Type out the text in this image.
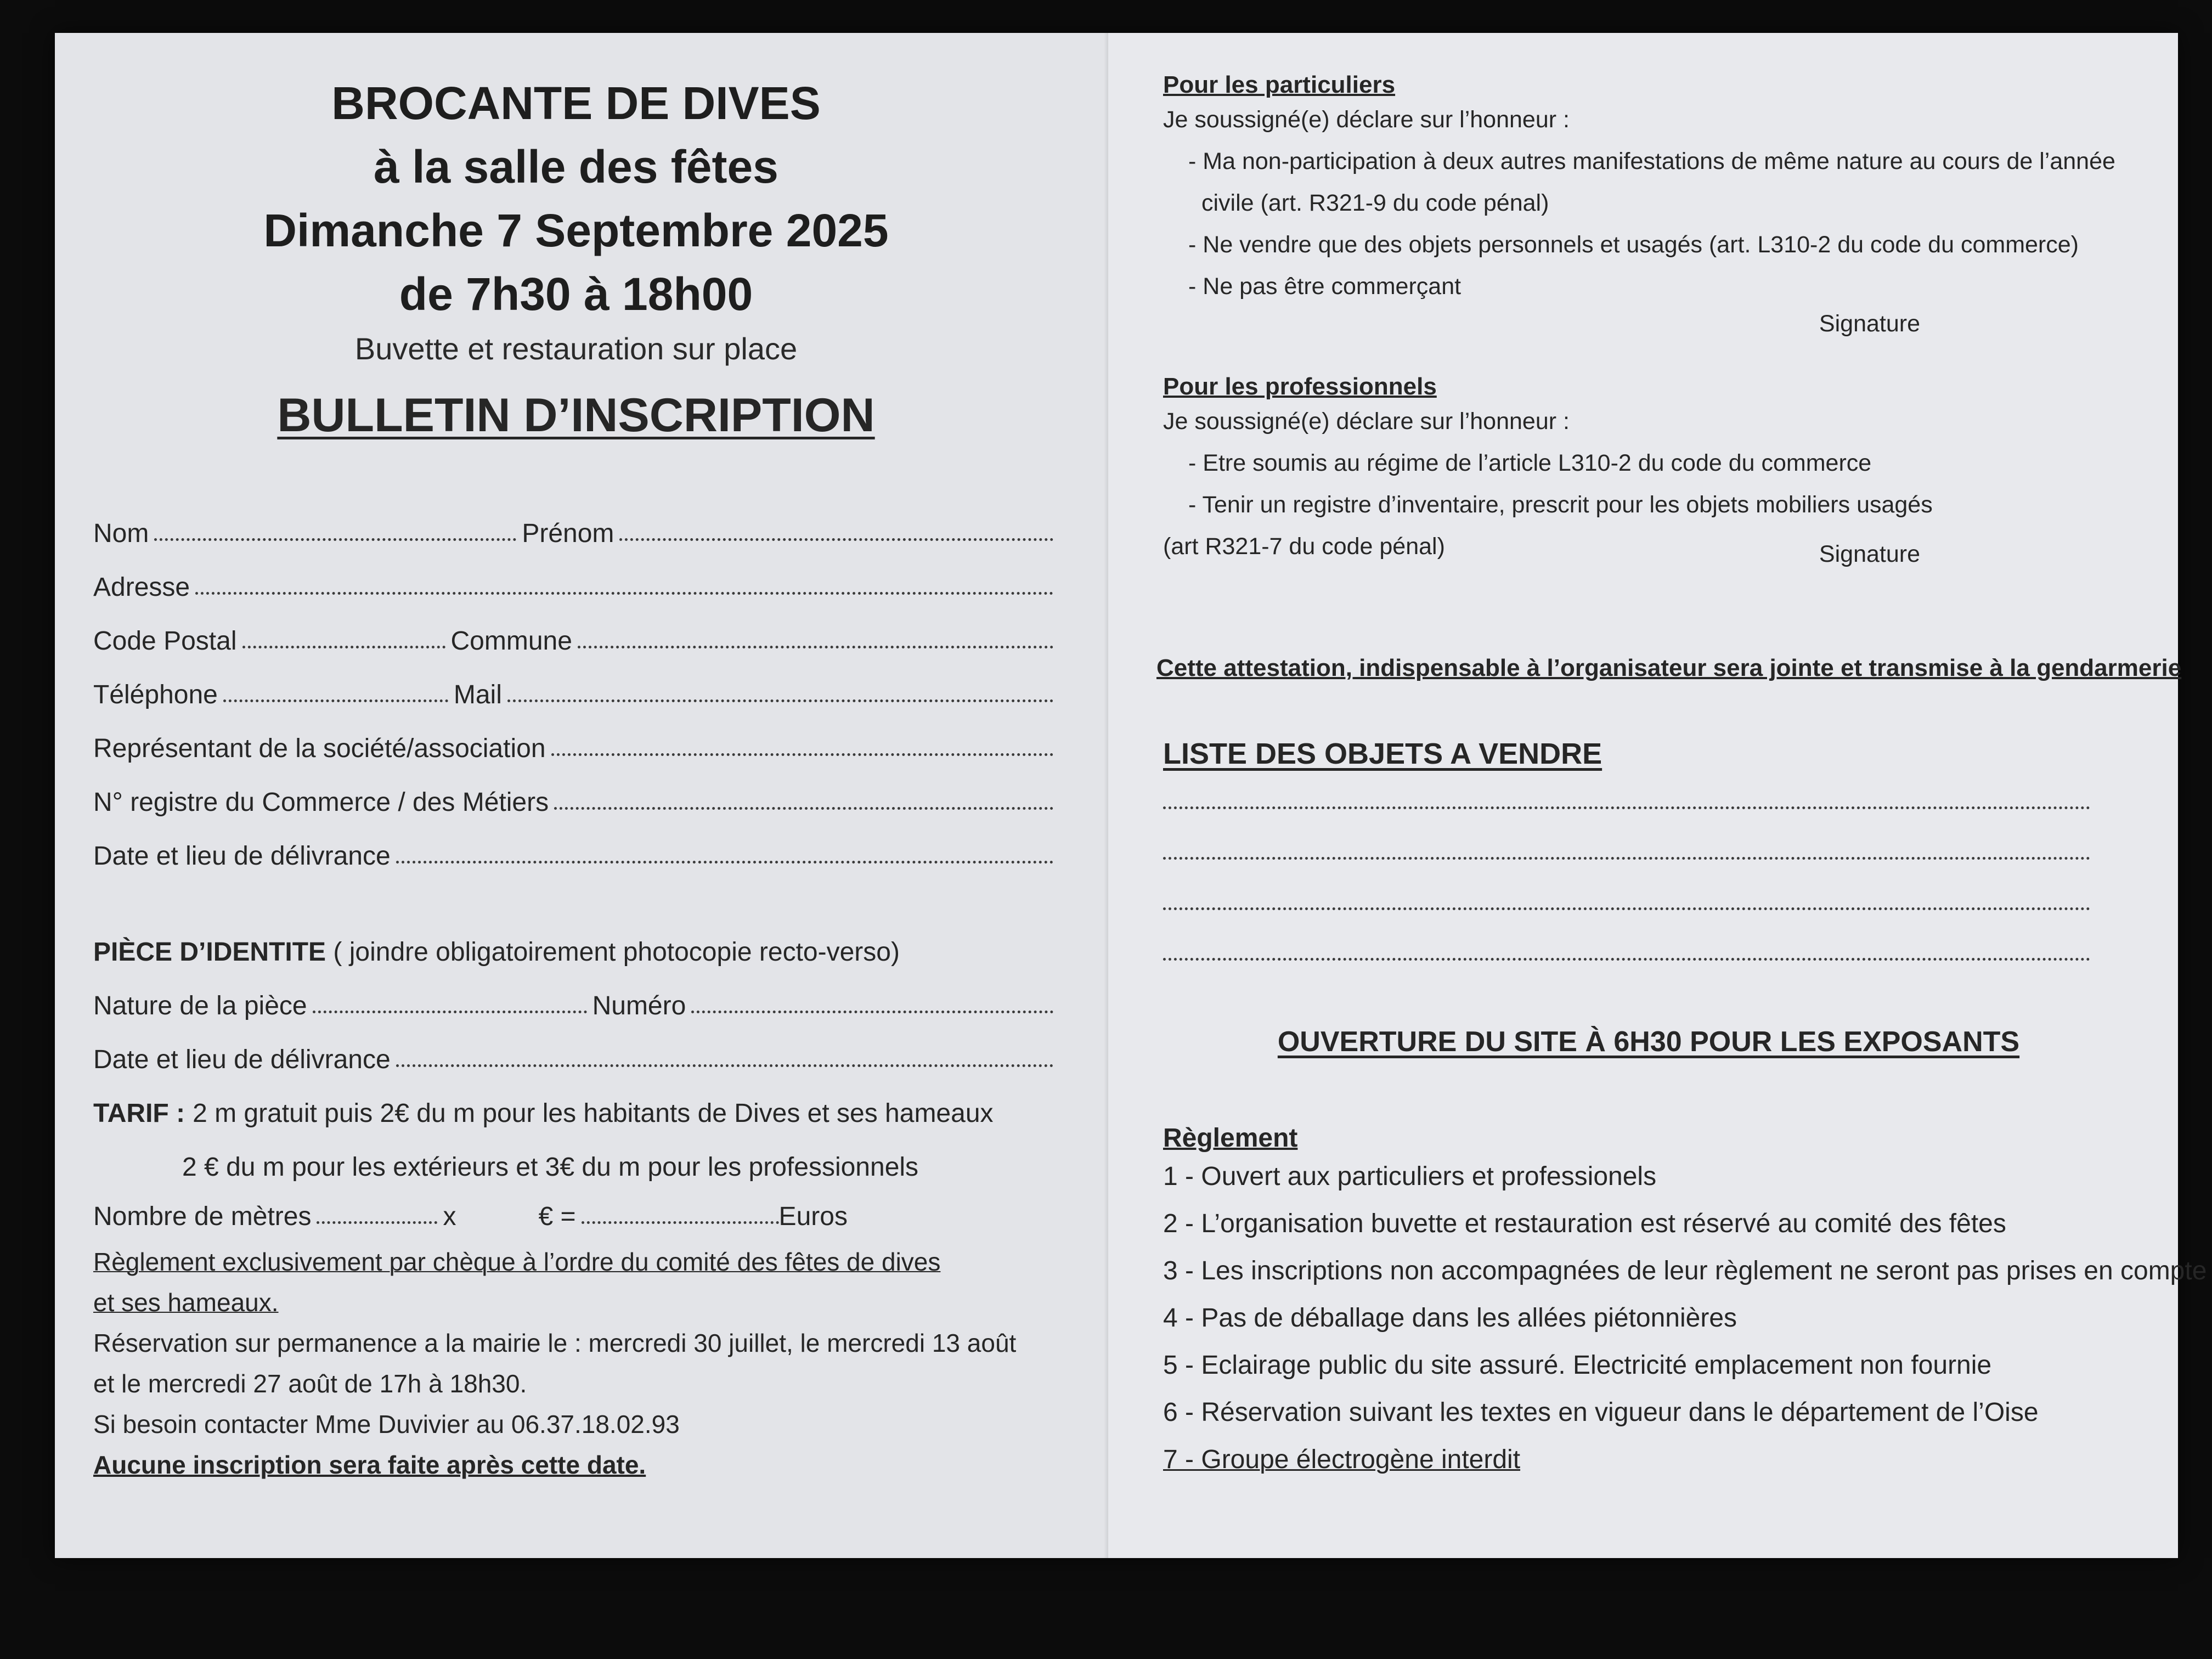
BROCANTE DE DIVES
à la salle des fêtes
Dimanche 7 Septembre 2025
de 7h30 à 18h00
Buvette et restauration sur place
BULLETIN D’INSCRIPTION
Nom	Prénom
Adresse
Code Postal	Commune
Téléphone	Mail
Représentant de la société/association
N° registre du Commerce / des Métiers
Date et lieu de délivrance
PIÈCE D’IDENTITE ( joindre obligatoirement photocopie recto-verso)
Nature de la pièce	Numéro
Date et lieu de délivrance
TARIF : 2 m gratuit puis 2€ du m pour les habitants de Dives et ses hameaux
2 € du m pour les extérieurs et 3€ du m pour les professionnels
Nombre de mètres	x	€ =	Euros
Règlement exclusivement par chèque à l’ordre du comité des fêtes de dives
et ses hameaux.
Réservation sur permanence a la mairie le : mercredi 30 juillet, le mercredi 13 août
et le mercredi 27 août de 17h à 18h30.
Si besoin contacter Mme Duvivier au 06.37.18.02.93
Aucune inscription sera faite après cette date.
Pour les particuliers
Je soussigné(e) déclare sur l’honneur :
- Ma non-participation à deux autres manifestations de même nature au cours de l’année
civile (art. R321-9 du code pénal)
- Ne vendre que des objets personnels et usagés (art. L310-2 du code du commerce)
- Ne pas être commerçant
Signature
Pour les professionnels
Je soussigné(e) déclare sur l’honneur :
- Etre soumis au régime de l’article L310-2 du code du commerce
- Tenir un registre d’inventaire, prescrit pour les objets mobiliers usagés
(art R321-7 du code pénal)	Signature
Cette attestation, indispensable à l’organisateur sera jointe et transmise à la gendarmerie
LISTE DES OBJETS A VENDRE
OUVERTURE DU SITE À 6H30 POUR LES EXPOSANTS
Règlement
1 - Ouvert aux particuliers et professionels
2 - L’organisation buvette et restauration est réservé au comité des fêtes
3 - Les inscriptions non accompagnées de leur règlement ne seront pas prises en compte
4 - Pas de déballage dans les allées piétonnières
5 - Eclairage public du site assuré. Electricité emplacement non fournie
6 - Réservation suivant les textes en vigueur dans le département de l’Oise
7 - Groupe électrogène interdit
